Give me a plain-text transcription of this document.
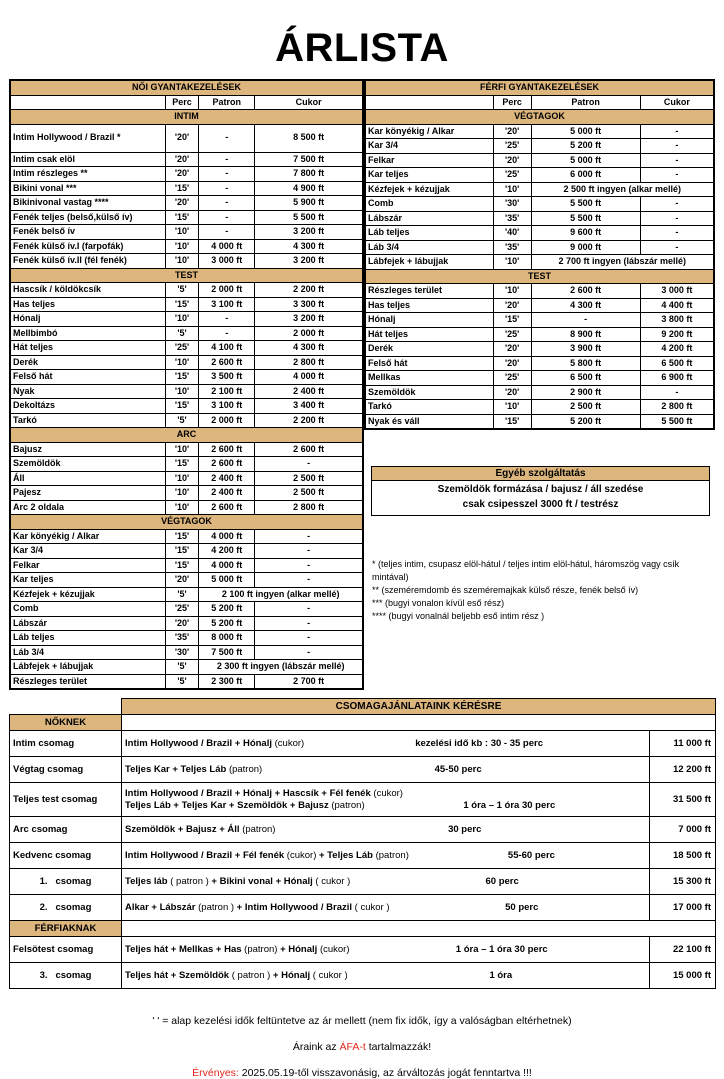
ÁRLISTA
NŐI GYANTAKEZELÉSEK			
	Perc	Patron	Cukor
INTIM			
Intim Hollywood / Brazil *	'20'	-	8 500 ft
Intim csak elöl	'20'	-	7 500 ft
Intim részleges **	'20'	-	7 800 ft
Bikini vonal ***	'15'	-	4 900 ft
Bikinivonal vastag ****	'20'	-	5 900 ft
Fenék teljes (belső,külső ív)	'15'	-	5 500 ft
Fenék belső ív	'10'	-	3 200 ft
Fenék külső ív.I (farpofák)	'10'	4 000 ft	4 300 ft
Fenék külső ív.II (fél fenék)	'10'	3 000 ft	3 200 ft
TEST			
Hascsík / köldökcsík	'5'	2 000 ft	2 200 ft
Has teljes	'15'	3 100 ft	3 300 ft
Hónalj	'10'	-	3 200 ft
Mellbimbó	'5'	-	2 000 ft
Hát teljes	'25'	4 100 ft	4 300 ft
Derék	'10'	2 600 ft	2 800 ft
Felső hát	'15'	3 500 ft	4 000 ft
Nyak	'10'	2 100 ft	2 400 ft
Dekoltázs	'15'	3 100 ft	3 400 ft
Tarkó	'5'	2 000 ft	2 200 ft
ARC			
Bajusz	'10'	2 600 ft	2 600 ft
Szemöldök	'15'	2 600 ft	-
Áll	'10'	2 400 ft	2 500 ft
Pajesz	'10'	2 400 ft	2 500 ft
Arc 2 oldala	'10'	2 600 ft	2 800 ft
VÉGTAGOK			
Kar könyékig / Alkar	'15'	4 000 ft	-
Kar 3/4	'15'	4 200 ft	-
Felkar	'15'	4 000 ft	-
Kar teljes	'20'	5 000 ft	-
Kézfejek + kézujjak	'5'	2 100 ft ingyen (alkar mellé)	
Comb	'25'	5 200 ft	-
Lábszár	'20'	5 200 ft	-
Láb teljes	'35'	8 000 ft	-
Láb 3/4	'30'	7 500 ft	-
Lábfejek + lábujjak	'5'	2 300 ft ingyen (lábszár mellé)	
Részleges terület	'5'	2 300 ft	2 700 ft
FÉRFI GYANTAKEZELÉSEK			
	Perc	Patron	Cukor
VÉGTAGOK			
Kar könyékig / Alkar	'20'	5 000 ft	-
Kar 3/4	'25'	5 200 ft	-
Felkar	'20'	5 000 ft	-
Kar teljes	'25'	6 000 ft	-
Kézfejek + kézujjak	'10'	2 500 ft ingyen (alkar mellé)	
Comb	'30'	5 500 ft	-
Lábszár	'35'	5 500 ft	-
Láb teljes	'40'	9 600 ft	-
Láb 3/4	'35'	9 000 ft	-
Lábfejek + lábujjak	'10'	2 700 ft ingyen (lábszár mellé)	
TEST			
Részleges terület	'10'	2 600 ft	3 000 ft
Has teljes	'20'	4 300 ft	4 400 ft
Hónalj	'15'	-	3 800 ft
Hát teljes	'25'	8 900 ft	9 200 ft
Derék	'20'	3 900 ft	4 200 ft
Felső hát	'20'	5 800 ft	6 500 ft
Mellkas	'25'	6 500 ft	6 900 ft
Szemöldök	'20'	2 900 ft	-
Tarkó	'10'	2 500 ft	2 800 ft
Nyak és váll	'15'	5 200 ft	5 500 ft
Egyéb szolgáltatás
Szemöldök formázása / bajusz / áll szedése
csak csipesszel 3000 ft / testrész
* (teljes intim, csupasz elöl-hátul / teljes intim elöl-hátul, háromszög vagy csík mintával)
** (szeméremdomb és szeméremajkak külső része, fenék belső ív)
*** (bugyi vonalon kívül eső rész)
**** (bugyi vonalnál beljebb eső intim rész )
	CSOMAGAJÁNLATAINK KÉRÉSRE	
NŐKNEK		
Intim csomag	Intim Hollywood / Brazil + Hónalj (cukor) kezelési idő kb : 30 - 35 perc	11 000 ft
Végtag csomag	Teljes Kar + Teljes Láb (patron) 45-50 perc	12 200 ft
Teljes test csomag	Intim Hollywood / Brazil + Hónalj + Hascsík + Fél fenék (cukor)
Teljes Láb + Teljes Kar + Szemöldök + Bajusz (patron) 1 óra – 1 óra 30 perc	31 500 ft
Arc csomag	Szemöldök + Bajusz + Áll (patron) 30 perc	7 000 ft
Kedvenc csomag	Intim Hollywood / Brazil + Fél fenék (cukor) + Teljes Láb (patron) 55-60 perc	18 500 ft
1.   csomag	Teljes láb ( patron ) + Bikini vonal + Hónalj ( cukor ) 60 perc	15 300 ft
2.   csomag	Alkar + Lábszár (patron ) + Intim Hollywood / Brazil ( cukor ) 50 perc	17 000 ft
FÉRFIAKNAK		
Felsötest csomag	Teljes hát + Mellkas + Has (patron) + Hónalj (cukor) 1 óra – 1 óra 30 perc	22 100 ft
3.   csomag	Teljes hát + Szemöldök ( patron ) + Hónalj ( cukor ) 1 óra	15 000 ft

' ' = alap kezelési idők feltüntetve az ár mellett (nem fix idők, így a valóságban eltérhetnek)

Áraink az ÁFA-t tartalmazzák!

Érvényes: 2025.05.19-től visszavonásig, az árváltozás jogát fenntartva !!!
